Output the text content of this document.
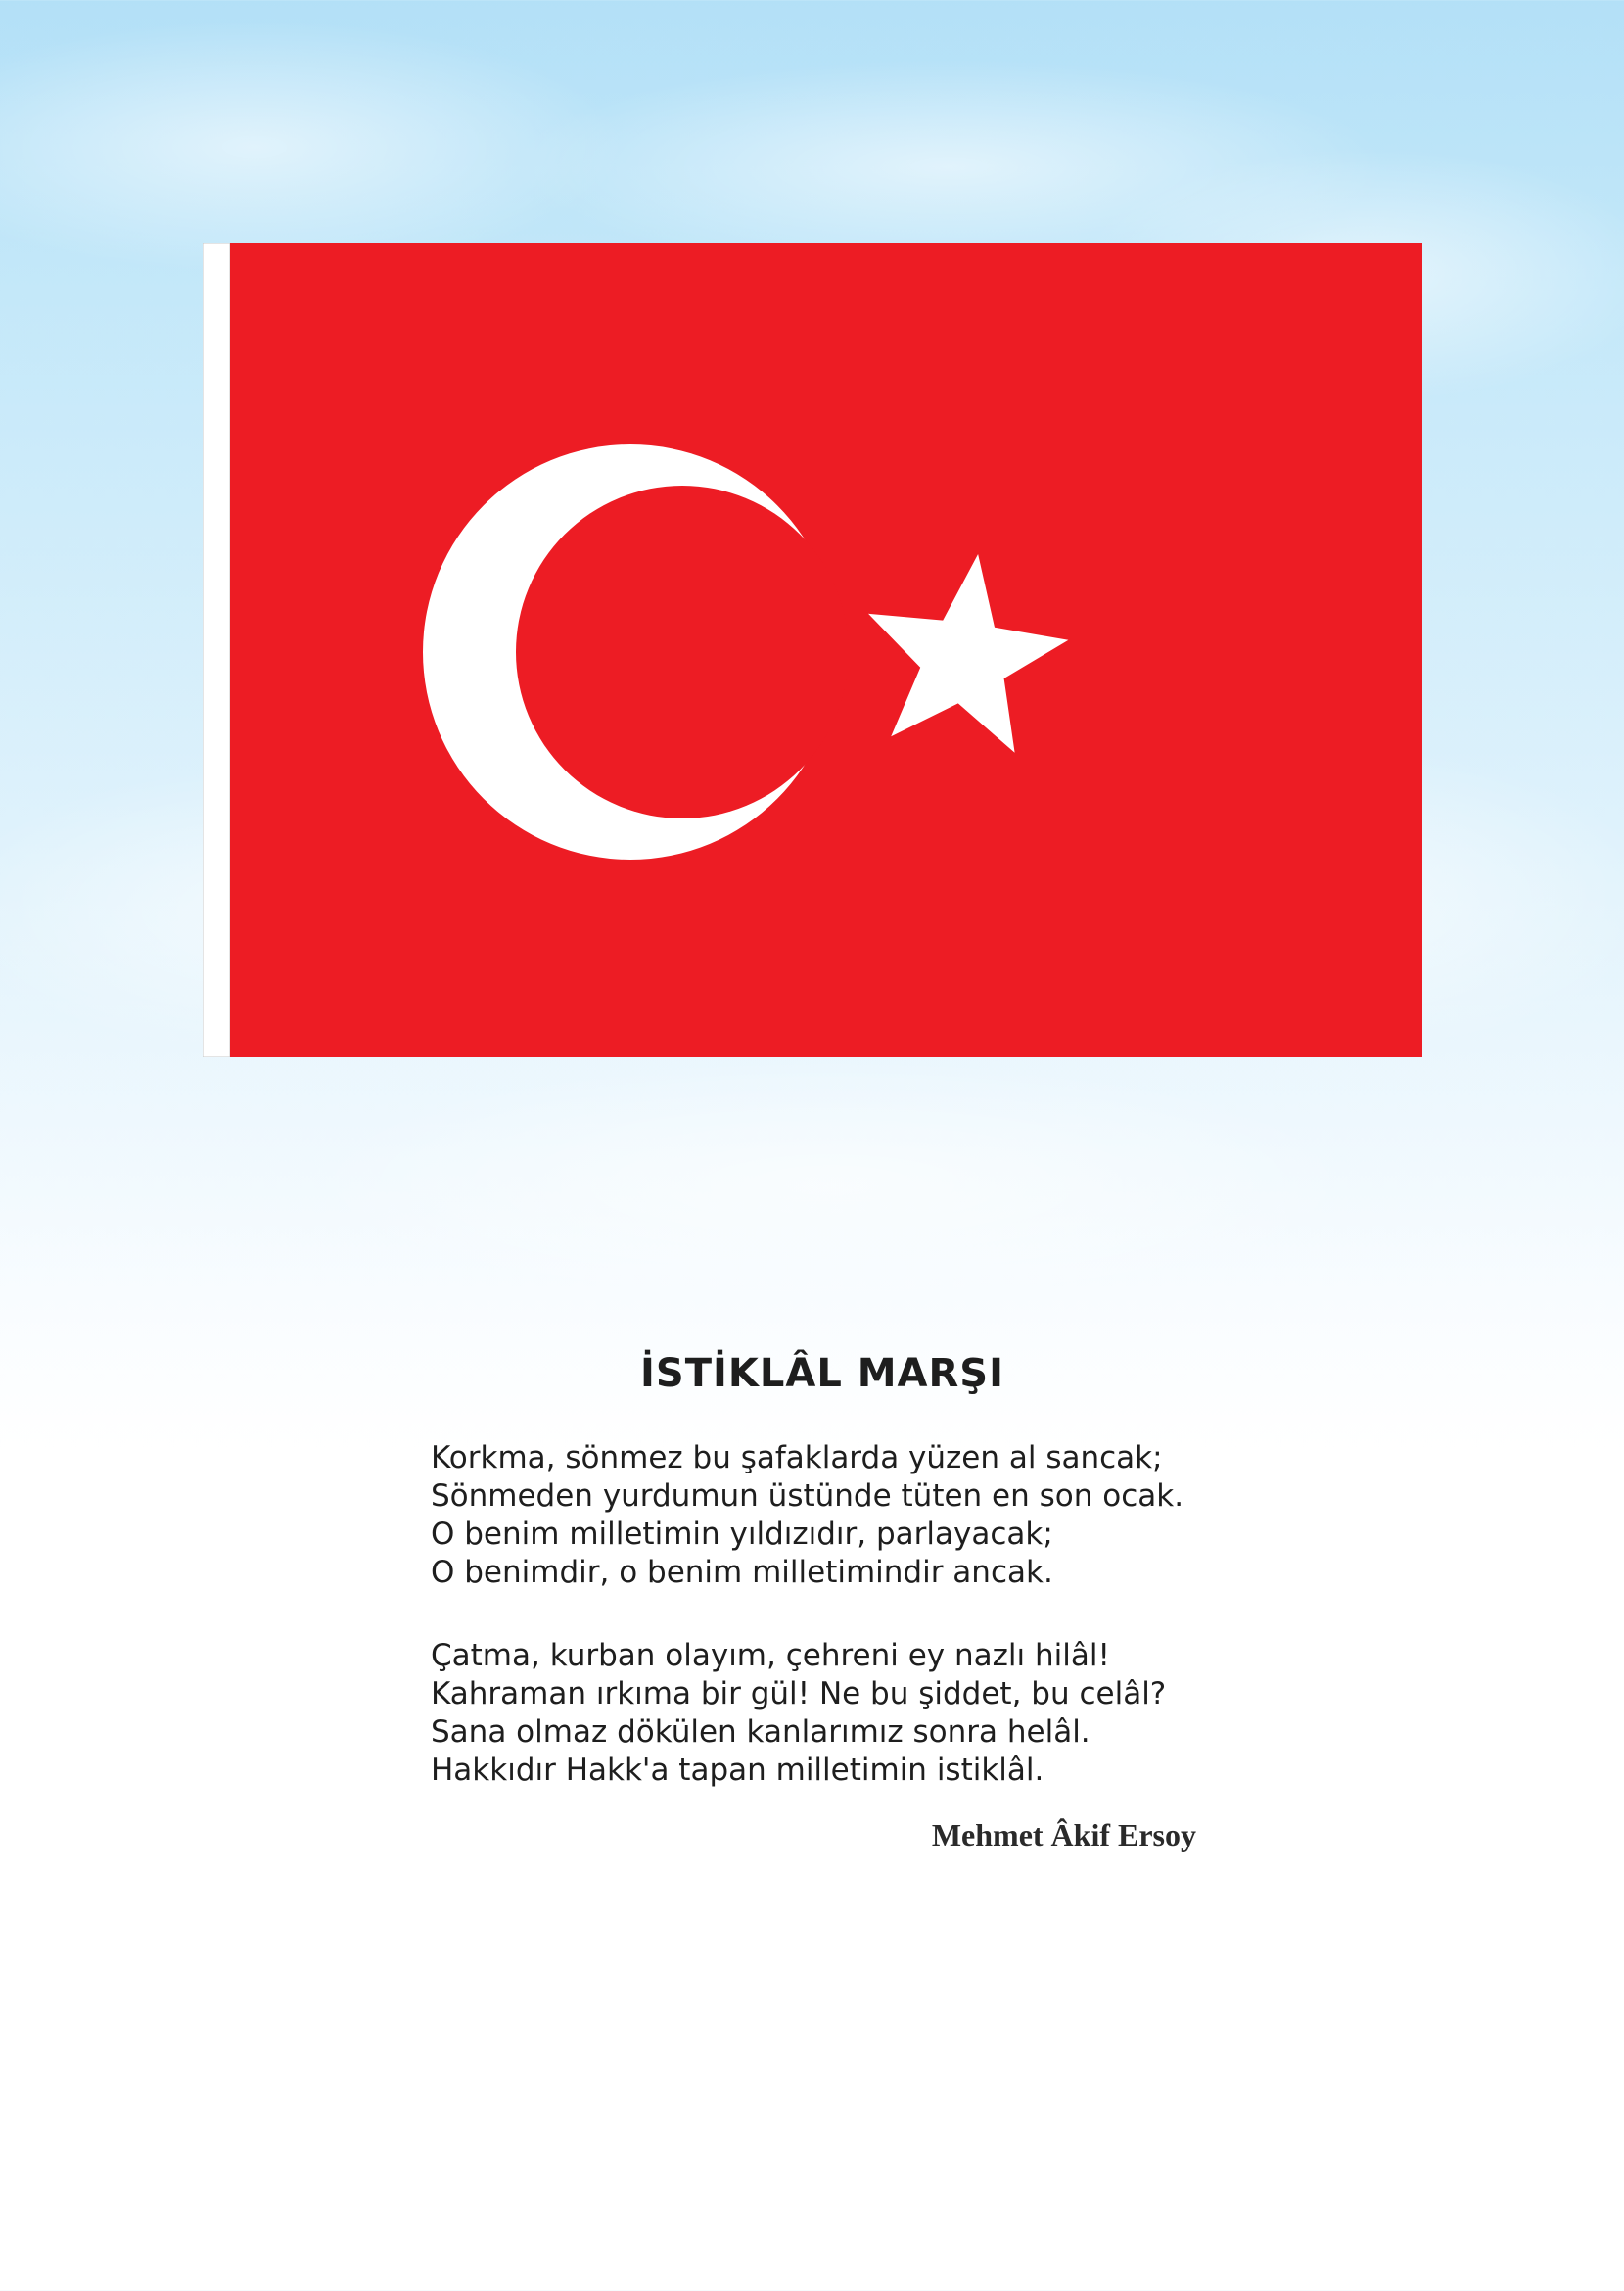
İSTİKLÂL MARŞI
Korkma, sönmez bu şafaklarda yüzen al sancak;
Sönmeden yurdumun üstünde tüten en son ocak.
O benim milletimin yıldızıdır, parlayacak;
O benimdir, o benim milletimindir ancak.
Çatma, kurban olayım, çehreni ey nazlı hilâl!
Kahraman ırkıma bir gül! Ne bu şiddet, bu celâl?
Sana olmaz dökülen kanlarımız sonra helâl.
Hakkıdır Hakk'a tapan milletimin istiklâl.

Mehmet Âkif Ersoy
